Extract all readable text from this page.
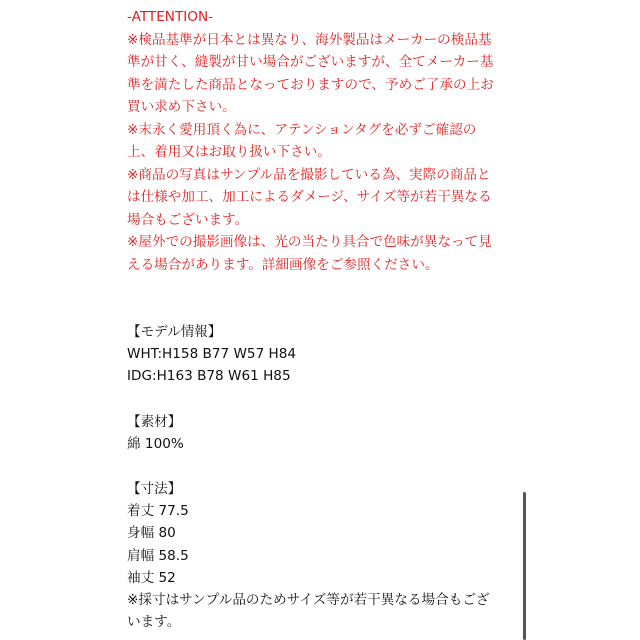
-ATTENTION-
※検品基準が日本とは異なり、海外製品はメーカーの検品基
準が甘く、縫製が甘い場合がございますが、全てメーカー基
準を満たした商品となっておりますので、予めご了承の上お
買い求め下さい。
※末永く愛用頂く為に、アテンションタグを必ずご確認の
上、着用又はお取り扱い下さい。
※商品の写真はサンプル品を撮影している為、実際の商品と
は仕様や加工、加工によるダメージ、サイズ等が若干異なる
場合もございます。
※屋外での撮影画像は、光の当たり具合で色味が異なって見
える場合があります。詳細画像をご参照ください。
【モデル情報】
WHT:H158 B77 W57 H84
IDG:H163 B78 W61 H85
【素材】
綿 100%
【寸法】
着丈 77.5
身幅 80
肩幅 58.5
袖丈 52
※採寸はサンプル品のためサイズ等が若干異なる場合もござ
います。
